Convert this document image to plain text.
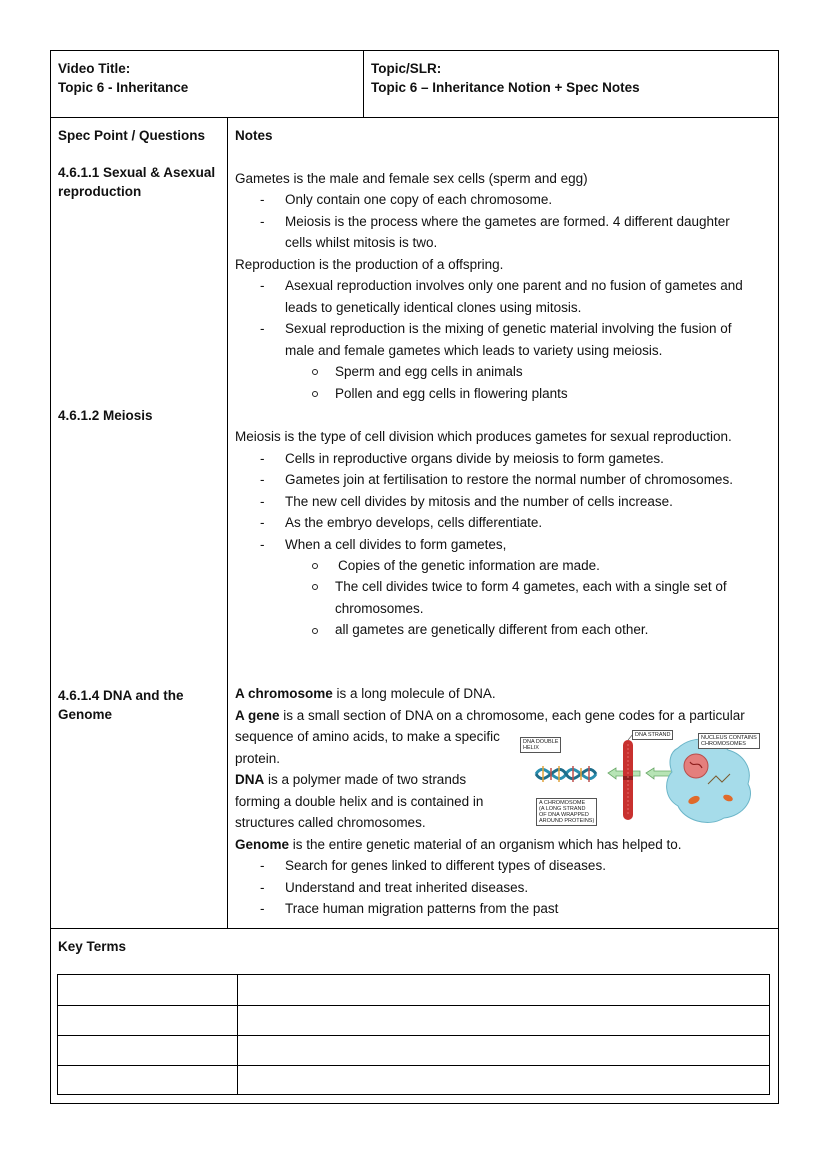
Video Title:
Topic 6 - Inheritance
Topic/SLR:
Topic 6 – Inheritance Notion + Spec Notes
Spec Point / Questions Notes
4.6.1.1 Sexual & Asexual
reproduction
4.6.1.2 Meiosis
4.6.1.4 DNA and the
Genome
Gametes is the male and female sex cells (sperm and egg)
- Only contain one copy of each chromosome.
- Meiosis is the process where the gametes are formed. 4 different daughter
cells whilst mitosis is two.
Reproduction is the production of a offspring.
- Asexual reproduction involves only one parent and no fusion of gametes and
leads to genetically identical clones using mitosis.
- Sexual reproduction is the mixing of genetic material involving the fusion of
male and female gametes which leads to variety using meiosis.
Sperm and egg cells in animals
Pollen and egg cells in flowering plants
Meiosis is the type of cell division which produces gametes for sexual reproduction.
- Cells in reproductive organs divide by meiosis to form gametes.
- Gametes join at fertilisation to restore the normal number of chromosomes.
- The new cell divides by mitosis and the number of cells increase.
- As the embryo develops, cells differentiate.
- When a cell divides to form gametes,
Copies of the genetic information are made.
The cell divides twice to form 4 gametes, each with a single set of
chromosomes.
all gametes are genetically different from each other.
A chromosome is a long molecule of DNA.
A gene is a small section of DNA on a chromosome, each gene codes for a particular
sequence of amino acids, to make a specific
protein.
DNA is a polymer made of two strands
forming a double helix and is contained in
structures called chromosomes.
Genome is the entire genetic material of an organism which has helped to.
- Search for genes linked to different types of diseases.
- Understand and treat inherited diseases.
- Trace human migration patterns from the past
DNA DOUBLE
HELIX
DNA STRAND	NUCLEUS CONTAINS
CHROMOSOMES
A CHROMOSOME
(A LONG STRAND
OF DNA WRAPPED
AROUND PROTEINS)
Key Terms
